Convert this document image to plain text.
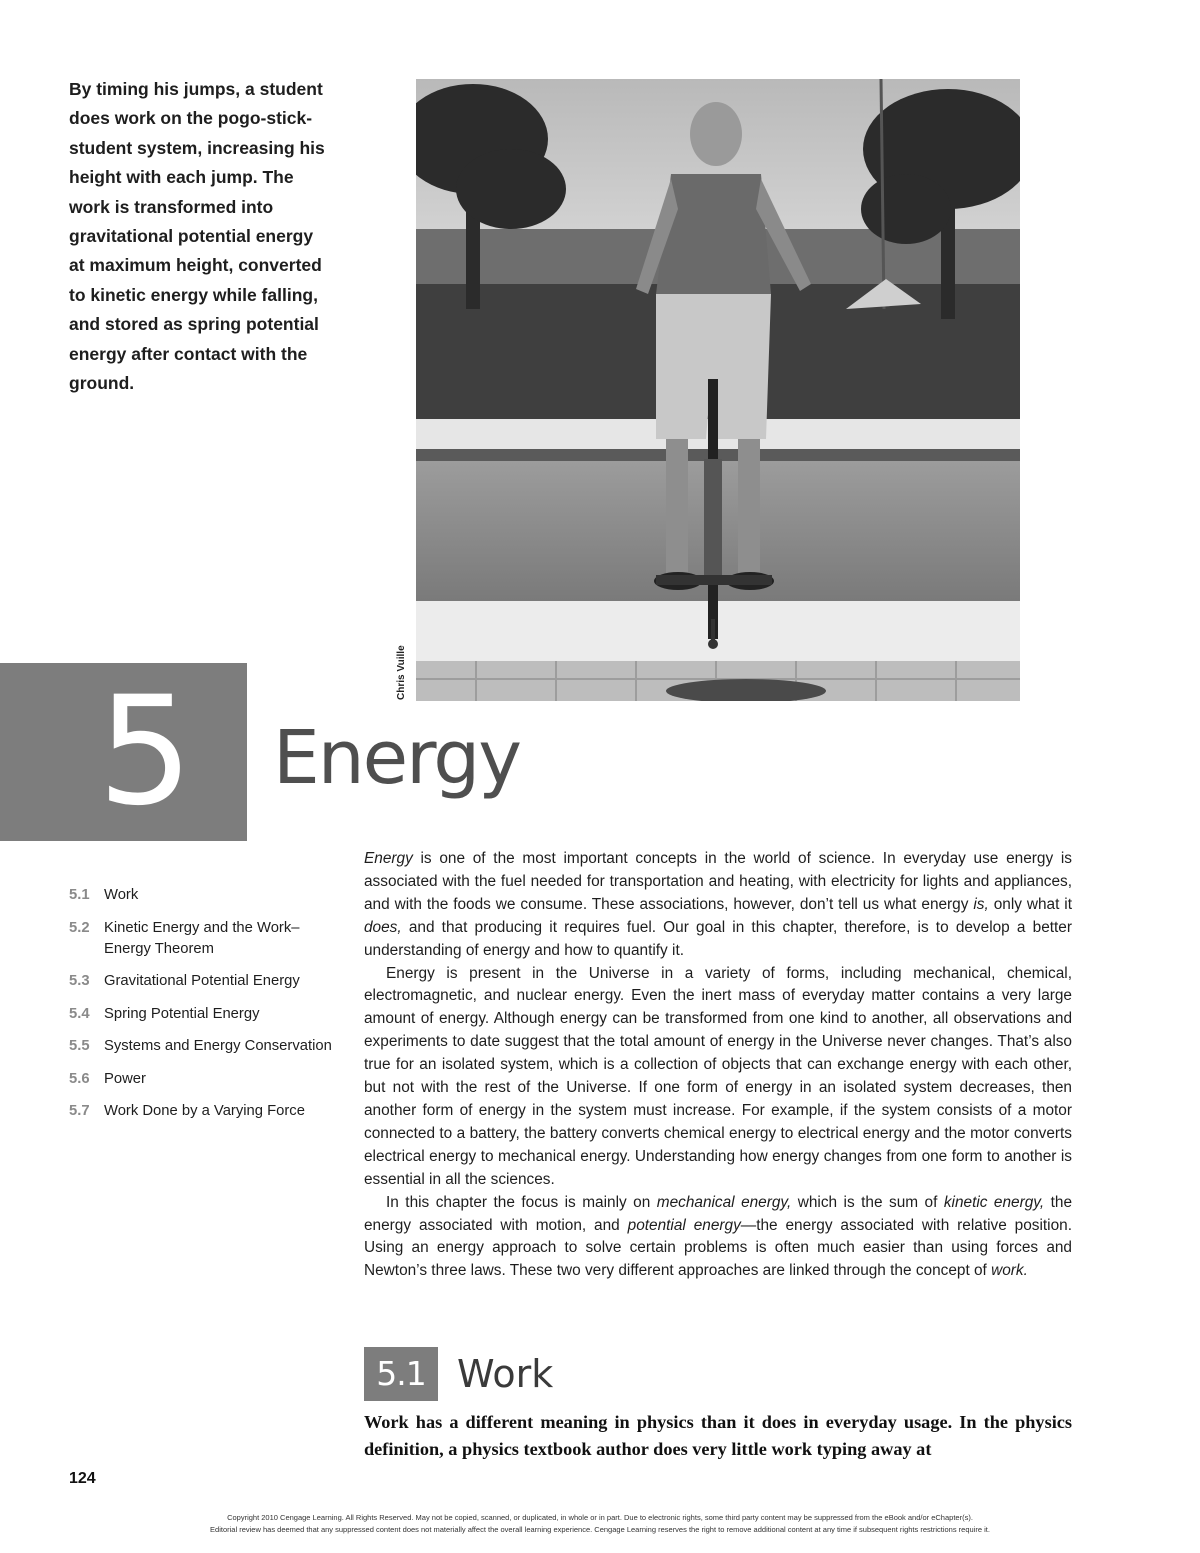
By timing his jumps, a student does work on the pogo-stick-student system, increasing his height with each jump. The work is transformed into gravitational potential energy at maximum height, converted to kinetic energy while falling, and stored as spring potential energy after contact with the ground.
Chris Vuille
5	Energy
5.1 Work
5.2 Kinetic Energy and the Work–Energy Theorem
5.3 Gravitational Potential Energy
5.4 Spring Potential Energy
5.5 Systems and Energy Conservation
5.6 Power
5.7 Work Done by a Varying Force

Energy is one of the most important concepts in the world of science. In everyday use energy is associated with the fuel needed for transportation and heating, with electricity for lights and appliances, and with the foods we consume. These associations, however, don’t tell us what energy is, only what it does, and that producing it requires fuel. Our goal in this chapter, therefore, is to develop a better understanding of energy and how to quantify it.

Energy is present in the Universe in a variety of forms, including mechanical, chemical, electromagnetic, and nuclear energy. Even the inert mass of everyday matter contains a very large amount of energy. Although energy can be transformed from one kind to another, all observations and experiments to date suggest that the total amount of energy in the Universe never changes. That’s also true for an isolated system, which is a collection of objects that can exchange energy with each other, but not with the rest of the Universe. If one form of energy in an isolated system decreases, then another form of energy in the system must increase. For example, if the system consists of a motor connected to a battery, the battery converts chemical energy to electrical energy and the motor converts electrical energy to mechanical energy. Understanding how energy changes from one form to another is essential in all the sciences.

In this chapter the focus is mainly on mechanical energy, which is the sum of kinetic energy, the energy associated with motion, and potential energy—the energy associated with relative position. Using an energy approach to solve certain problems is often much easier than using forces and Newton’s three laws. These two very different approaches are linked through the concept of work.

5.1 Work

Work has a different meaning in physics than it does in everyday usage. In the physics definition, a physics textbook author does very little work typing away at

124
Copyright 2010 Cengage Learning. All Rights Reserved. May not be copied, scanned, or duplicated, in whole or in part. Due to electronic rights, some third party content may be suppressed from the eBook and/or eChapter(s).
Editorial review has deemed that any suppressed content does not materially affect the overall learning experience. Cengage Learning reserves the right to remove additional content at any time if subsequent rights restrictions require it.
